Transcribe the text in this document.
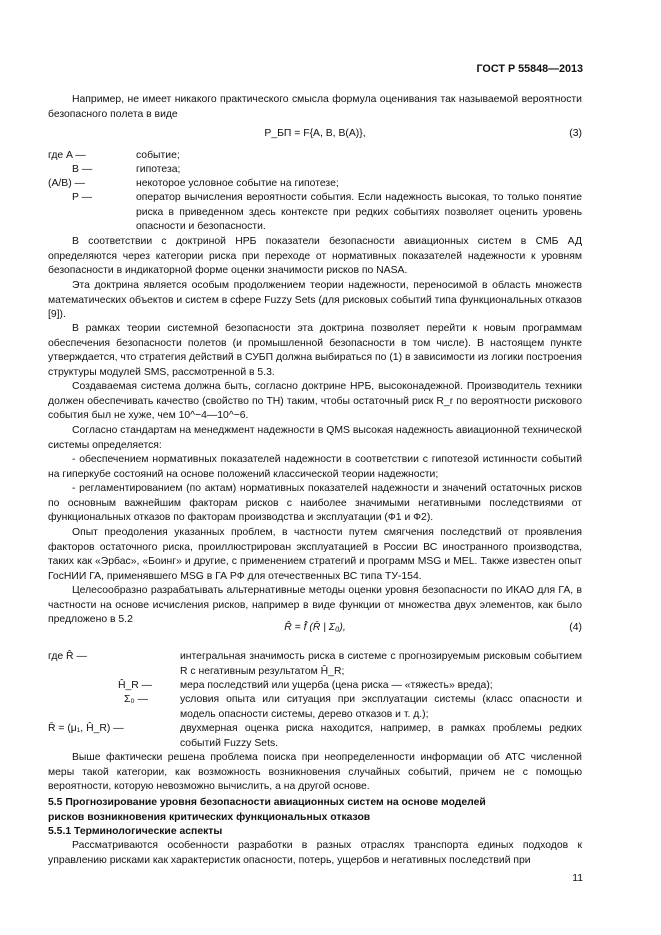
ГОСТ Р 55848—2013
Например, не имеет никакого практического смысла формула оценивания так называемой вероятности безопасного полета в виде
P_БП = F{A, B, B(A)},	(3)
где A —	событие;
B —	гипотеза;
(A/B) —	некоторое условное событие на гипотезе;
P —	оператор вычисления вероятности события. Если надежность высокая, то только понятие риска в приведенном здесь контексте при редких событиях позволяет оценить уровень опасности и безопасности.
В соответствии с доктриной НРБ показатели безопасности авиационных систем в СМБ АД определяются через категории риска при переходе от нормативных показателей надежности к уровням безопасности в индикаторной форме оценки значимости рисков по NASA.
Эта доктрина является особым продолжением теории надежности, переносимой в область множеств математических объектов и систем в сфере Fuzzy Sets (для рисковых событий типа функциональных отказов [9]).
В рамках теории системной безопасности эта доктрина позволяет перейти к новым программам обеспечения безопасности полетов (и промышленной безопасности в том числе). В настоящем пункте утверждается, что стратегия действий в СУБП должна выбираться по (1) в зависимости из логики построения структуры модулей SMS, рассмотренной в 5.3.
Создаваемая система должна быть, согласно доктрине НРБ, высоконадежной. Производитель техники должен обеспечивать качество (свойство по ТН) таким, чтобы остаточный риск R_r по вероятности рискового события был не хуже, чем 10^−4—10^−6.
Согласно стандартам на менеджмент надежности в QMS высокая надежность авиационной технической системы определяется:
- обеспечением нормативных показателей надежности в соответствии с гипотезой истинности событий на гиперкубе состояний на основе положений классической теории надежности;
- регламентированием (по актам) нормативных показателей надежности и значений остаточных рисков по основным важнейшим факторам рисков с наиболее значимыми негативными последствиями от функциональных отказов по факторам производства и эксплуатации (Ф1 и Ф2).
Опыт преодоления указанных проблем, в частности путем смягчения последствий от проявления факторов остаточного риска, проиллюстрирован эксплуатацией в России ВС иностранного производства, таких как «Эрбас», «Боинг» и другие, с применением стратегий и программ MSG и MEL. Также известен опыт ГосНИИ ГА, применявшего MSG в ГА РФ для отечественных ВС типа ТУ-154.
Целесообразно разрабатывать альтернативные методы оценки уровня безопасности по ИКАО для ГА, в частности на основе исчисления рисков, например в виде функции от множества двух элементов, как было предложено в 5.2
R̂ = f̂ (R̄ | Σ₀),	(4)
где R̂ —	интегральная значимость риска в системе с прогнозируемым рисковым событием R с негативным результатом Ĥ_R;
Ĥ_R —	мера последствий или ущерба (цена риска — «тяжесть» вреда);
Σ₀ —	условия опыта или ситуация при эксплуатации системы (класс опасности и модель опасности системы, дерево отказов и т. д.);
R̄ = (μ₁, Ĥ_R) —	двухмерная оценка риска находится, например, в рамках проблемы редких событий Fuzzy Sets.
Выше фактически решена проблема поиска при неопределенности информации об АТС численной меры такой категории, как возможность возникновения случайных событий, причем не с помощью вероятности, которую невозможно вычислить, а на другой основе.
5.5 Прогнозирование уровня безопасности авиационных систем на основе моделей рисков возникновения критических функциональных отказов
5.5.1 Терминологические аспекты
Рассматриваются особенности разработки в разных отраслях транспорта единых подходов к управлению рисками как характеристик опасности, потерь, ущербов и негативных последствий при
11
